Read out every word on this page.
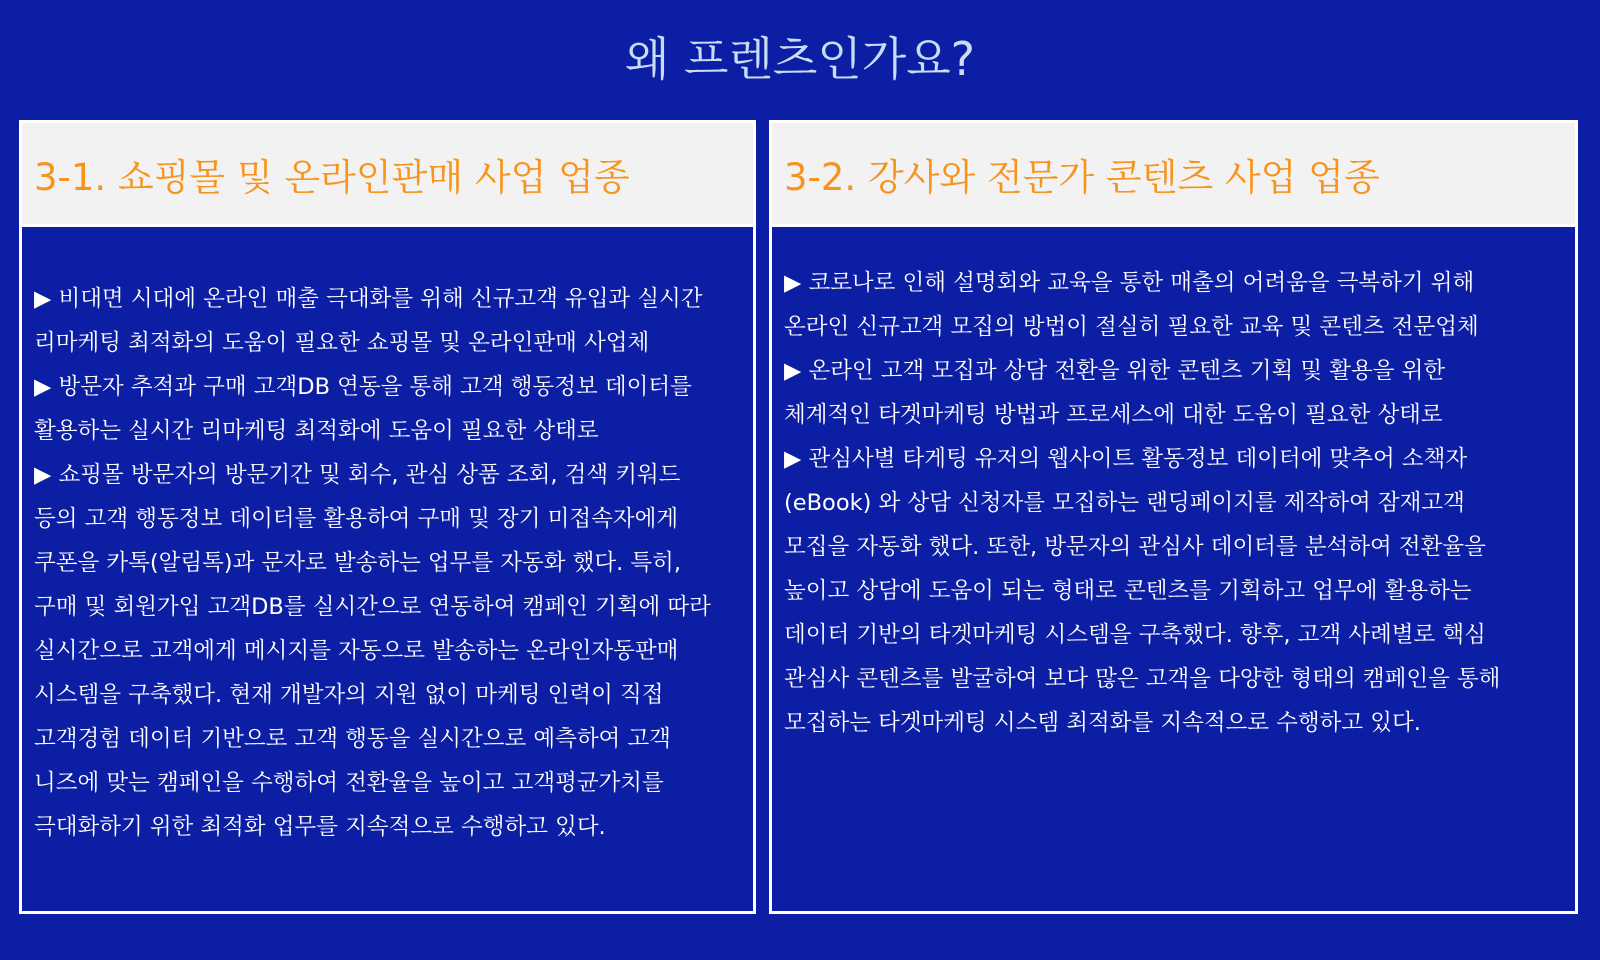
왜 프렌츠인가요?
3-1. 쇼핑몰 및 온라인판매 사업 업종
▶ 비대면 시대에 온라인 매출 극대화를 위해 신규고객 유입과 실시간
리마케팅 최적화의 도움이 필요한 쇼핑몰 및 온라인판매 사업체
▶ 방문자 추적과 구매 고객DB 연동을 통해 고객 행동정보 데이터를
활용하는 실시간 리마케팅 최적화에 도움이 필요한 상태로
▶ 쇼핑몰 방문자의 방문기간 및 회수, 관심 상품 조회, 검색 키워드
등의 고객 행동정보 데이터를 활용하여 구매 및 장기 미접속자에게
쿠폰을 카톡(알림톡)과 문자로 발송하는 업무를 자동화 했다. 특히,
구매 및 회원가입 고객DB를 실시간으로 연동하여 캠페인 기획에 따라
실시간으로 고객에게 메시지를 자동으로 발송하는 온라인자동판매
시스템을 구축했다. 현재 개발자의 지원 없이 마케팅 인력이 직접
고객경험 데이터 기반으로 고객 행동을 실시간으로 예측하여 고객
니즈에 맞는 캠페인을 수행하여 전환율을 높이고 고객평균가치를
극대화하기 위한 최적화 업무를 지속적으로 수행하고 있다.
3-2. 강사와 전문가 콘텐츠 사업 업종
▶ 코로나로 인해 설명회와 교육을 통한 매출의 어려움을 극복하기 위해
온라인 신규고객 모집의 방법이 절실히 필요한 교육 및 콘텐츠 전문업체
▶ 온라인 고객 모집과 상담 전환을 위한 콘텐츠 기획 및 활용을 위한
체계적인 타겟마케팅 방법과 프로세스에 대한 도움이 필요한 상태로
▶ 관심사별 타게팅 유저의 웹사이트 활동정보 데이터에 맞추어 소책자
(eBook) 와 상담 신청자를 모집하는 랜딩페이지를 제작하여 잠재고객
모집을 자동화 했다. 또한, 방문자의 관심사 데이터를 분석하여 전환율을
높이고 상담에 도움이 되는 형태로 콘텐츠를 기획하고 업무에 활용하는
데이터 기반의 타겟마케팅 시스템을 구축했다. 향후, 고객 사례별로 핵심
관심사 콘텐츠를 발굴하여 보다 많은 고객을 다양한 형태의 캠페인을 통해
모집하는 타겟마케팅 시스템 최적화를 지속적으로 수행하고 있다.
